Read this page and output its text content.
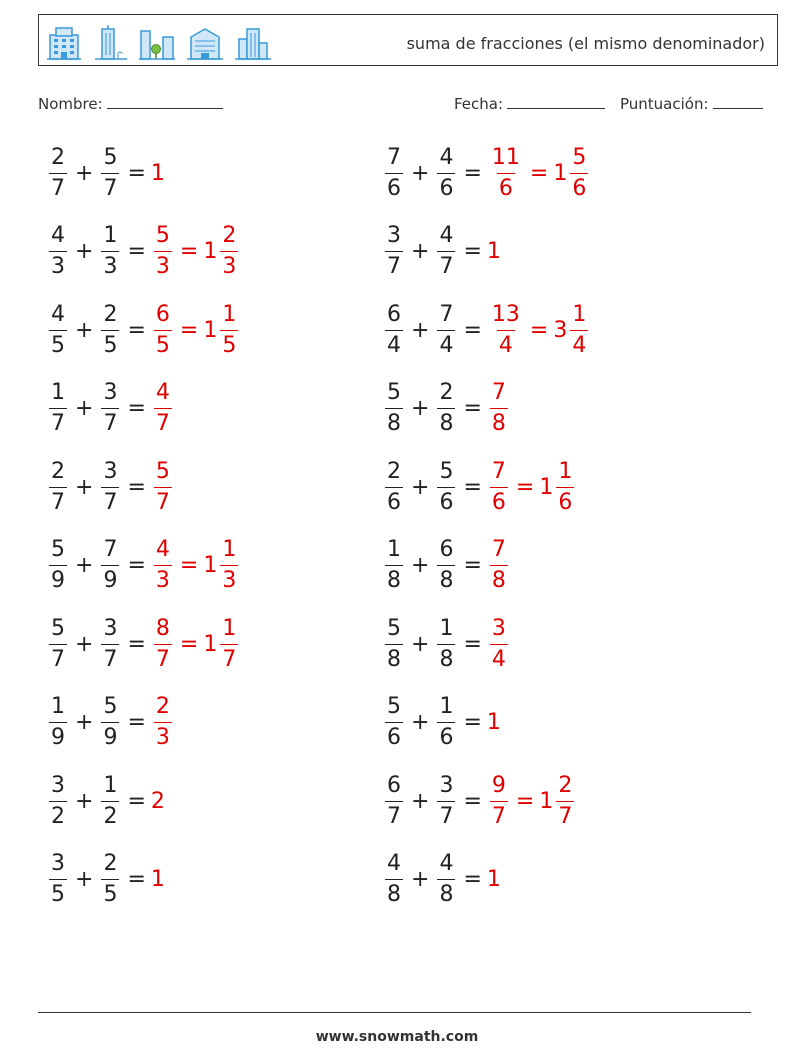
suma de fracciones (el mismo denominador)
Nombre:	Fecha:	Puntuación:
$\frac{2}{7} + \frac{5}{7} = 1$
$\frac{4}{3} + \frac{1}{3} = \frac{5}{3} = 1 \frac{2}{3}$
$\frac{4}{5} + \frac{2}{5} = \frac{6}{5} = 1 \frac{1}{5}$
$\frac{1}{7} + \frac{3}{7} = \frac{4}{7}$
$\frac{2}{7} + \frac{3}{7} = \frac{5}{7}$
$\frac{5}{9} + \frac{7}{9} = \frac{4}{3} = 1 \frac{1}{3}$
$\frac{5}{7} + \frac{3}{7} = \frac{8}{7} = 1 \frac{1}{7}$
$\frac{1}{9} + \frac{5}{9} = \frac{2}{3}$
$\frac{3}{2} + \frac{1}{2} = 2$
$\frac{3}{5} + \frac{2}{5} = 1$
$\frac{7}{6} + \frac{4}{6} = \frac{11}{6} = 1 \frac{5}{6}$
$\frac{3}{7} + \frac{4}{7} = 1$
$\frac{6}{4} + \frac{7}{4} = \frac{13}{4} = 3 \frac{1}{4}$
$\frac{5}{8} + \frac{2}{8} = \frac{7}{8}$
$\frac{2}{6} + \frac{5}{6} = \frac{7}{6} = 1 \frac{1}{6}$
$\frac{1}{8} + \frac{6}{8} = \frac{7}{8}$
$\frac{5}{8} + \frac{1}{8} = \frac{3}{4}$
$\frac{5}{6} + \frac{1}{6} = 1$
$\frac{6}{7} + \frac{3}{7} = \frac{9}{7} = 1 \frac{2}{7}$
$\frac{4}{8} + \frac{4}{8} = 1$
www.snowmath.com
